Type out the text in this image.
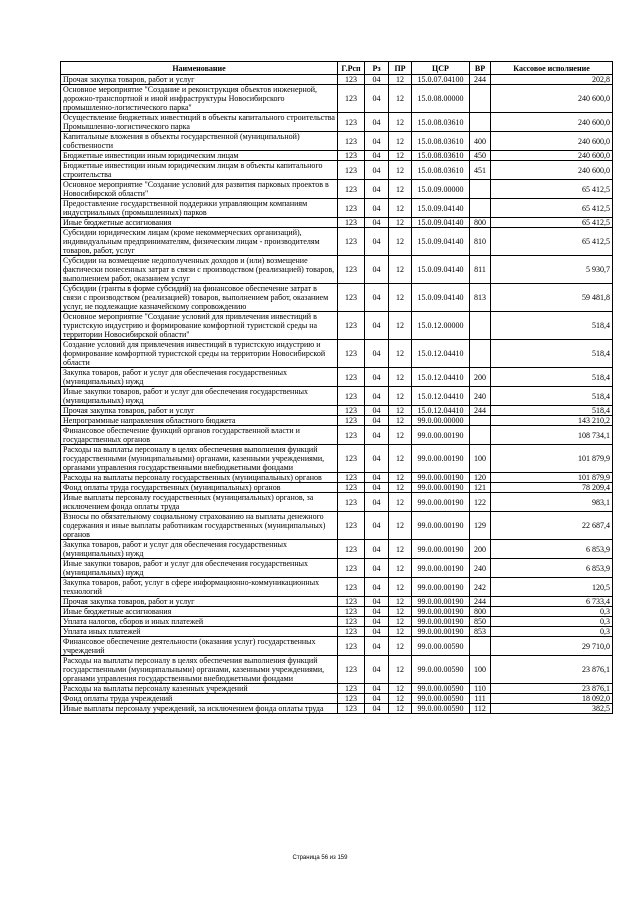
Наименование	Г.Рсп	Рз	ПР	ЦСР	ВР	Кассовое исполнение
Прочая закупка товаров, работ и услуг	123	04	12	15.0.07.04100	244	202,8
Основное мероприятие "Создание и реконструкция объектов инженерной, дорожно-транспортной и иной инфраструктуры Новосибирского промышленно-логистического парка"	123	04	12	15.0.08.00000		240 600,0
Осуществление бюджетных инвестиций в объекты капитального строительства Промышленно-логистического парка	123	04	12	15.0.08.03610		240 600,0
Капитальные вложения в объекты государственной (муниципальной) собственности	123	04	12	15.0.08.03610	400	240 600,0
Бюджетные инвестиции иным юридическим лицам	123	04	12	15.0.08.03610	450	240 600,0
Бюджетные инвестиции иным юридическим лицам в объекты капитального строительства	123	04	12	15.0.08.03610	451	240 600,0
Основное мероприятие "Создание условий для развития парковых проектов в Новосибирской области"	123	04	12	15.0.09.00000		65 412,5
Предоставление государственной поддержки управляющим компаниям индустриальных (промышленных) парков	123	04	12	15.0.09.04140		65 412,5
Иные бюджетные ассигнования	123	04	12	15.0.09.04140	800	65 412,5
Субсидии юридическим лицам (кроме некоммерческих организаций), индивидуальным предпринимателям, физическим лицам - производителям товаров, работ, услуг	123	04	12	15.0.09.04140	810	65 412,5
Субсидии на возмещение недополученных доходов и (или) возмещение фактически понесенных затрат в связи с производством (реализацией) товаров, выполнением работ, оказанием услуг	123	04	12	15.0.09.04140	811	5 930,7
Субсидии (гранты в форме субсидий) на финансовое обеспечение затрат в связи с производством (реализацией) товаров, выполнением работ, оказанием услуг, не подлежащие казначейскому сопровождению	123	04	12	15.0.09.04140	813	59 481,8
Основное мероприятие "Создание условий для привлечения инвестиций в туристскую индустрию и формирование комфортной туристской среды на территории Новосибирской области"	123	04	12	15.0.12.00000		518,4
Создание условий для привлечения инвестиций в туристскую индустрию и формирование комфортной туристской среды на территории Новосибирской области	123	04	12	15.0.12.04410		518,4
Закупка товаров, работ и услуг для обеспечения государственных (муниципальных) нужд	123	04	12	15.0.12.04410	200	518,4
Иные закупки товаров, работ и услуг для обеспечения государственных (муниципальных) нужд	123	04	12	15.0.12.04410	240	518,4
Прочая закупка товаров, работ и услуг	123	04	12	15.0.12.04410	244	518,4
Непрограммные направления областного бюджета	123	04	12	99.0.00.00000		143 210,2
Финансовое обеспечение функций органов государственной власти и государственных органов	123	04	12	99.0.00.00190		108 734,1
Расходы на выплаты персоналу в целях обеспечения выполнения функций государственными (муниципальными) органами, казенными учреждениями, органами управления государственными внебюджетными фондами	123	04	12	99.0.00.00190	100	101 879,9
Расходы на выплаты персоналу государственных (муниципальных) органов	123	04	12	99.0.00.00190	120	101 879,9
Фонд оплаты труда государственных (муниципальных) органов	123	04	12	99.0.00.00190	121	78 209,4
Иные выплаты персоналу государственных (муниципальных) органов, за исключением фонда оплаты труда	123	04	12	99.0.00.00190	122	983,1
Взносы по обязательному социальному страхованию на выплаты денежного содержания и иные выплаты работникам государственных (муниципальных) органов	123	04	12	99.0.00.00190	129	22 687,4
Закупка товаров, работ и услуг для обеспечения государственных (муниципальных) нужд	123	04	12	99.0.00.00190	200	6 853,9
Иные закупки товаров, работ и услуг для обеспечения государственных (муниципальных) нужд	123	04	12	99.0.00.00190	240	6 853,9
Закупка товаров, работ, услуг в сфере информационно-коммуникационных технологий	123	04	12	99.0.00.00190	242	120,5
Прочая закупка товаров, работ и услуг	123	04	12	99.0.00.00190	244	6 733,4
Иные бюджетные ассигнования	123	04	12	99.0.00.00190	800	0,3
Уплата налогов, сборов и иных платежей	123	04	12	99.0.00.00190	850	0,3
Уплата иных платежей	123	04	12	99.0.00.00190	853	0,3
Финансовое обеспечение деятельности (оказания услуг) государственных учреждений	123	04	12	99.0.00.00590		29 710,0
Расходы на выплаты персоналу в целях обеспечения выполнения функций государственными (муниципальными) органами, казенными учреждениями, органами управления государственными внебюджетными фондами	123	04	12	99.0.00.00590	100	23 876,1
Расходы на выплаты персоналу казенных учреждений	123	04	12	99.0.00.00590	110	23 876,1
Фонд оплаты труда учреждений	123	04	12	99.0.00.00590	111	18 092,0
Иные выплаты персоналу учреждений, за исключением фонда оплаты труда	123	04	12	99.0.00.00590	112	382,5
Страница 56 из 159
